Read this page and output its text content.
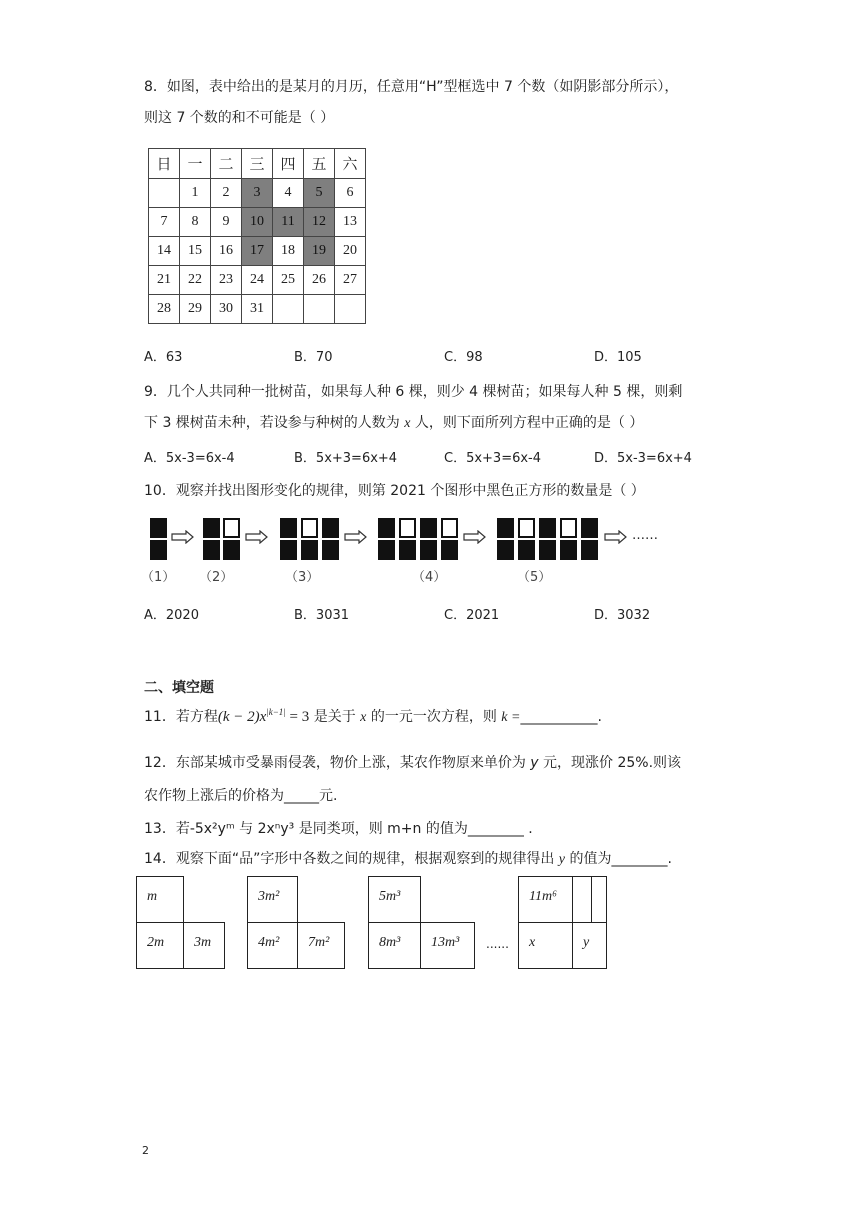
8．如图，表中给出的是某月的月历，任意用“H”型框选中 7 个数（如阴影部分所示），
则这 7 个数的和不可能是（ ）
日	一	二	三	四	五	六
	1	2	3	4	5	6
7	8	9	10	11	12	13
14	15	16	17	18	19	20
21	22	23	24	25	26	27
28	29	30	31			
A．63	B．70	C．98	D．105
9．几个人共同种一批树苗，如果每人种 6 棵，则少 4 棵树苗；如果每人种 5 棵，则剩
下 3 棵树苗未种，若设参与种树的人数为 x 人，则下面所列方程中正确的是（ ）
A．5x-3=6x-4	B．5x+3=6x+4	C．5x+3=6x-4	D．5x-3=6x+4
10．观察并找出图形变化的规律，则第 2021 个图形中黑色正方形的数量是（ ）
……
（1） （2）	（3）	（4）	（5）
A．2020	B．3031	C．2021	D．3032
二、填空题
11．若方程$(k - 2)x^{|k-1|} = 3$ 是关于 x 的一元一次方程，则 k =___________.
12．东部某城市受暴雨侵袭，物价上涨，某农作物原来单价为 y 元，现涨价 25%.则该
农作物上涨后的价格为_____元.
13．若-5x²yᵐ 与 2xⁿy³ 是同类项，则 m+n 的值为________ .
14．观察下面“品”字形中各数之间的规律，根据观察到的规律得出 y 的值为________.
m
2m 3m
3m²
4m² 7m²
5m³
8m³ 13m³ ......
11m⁶
x	y
2
